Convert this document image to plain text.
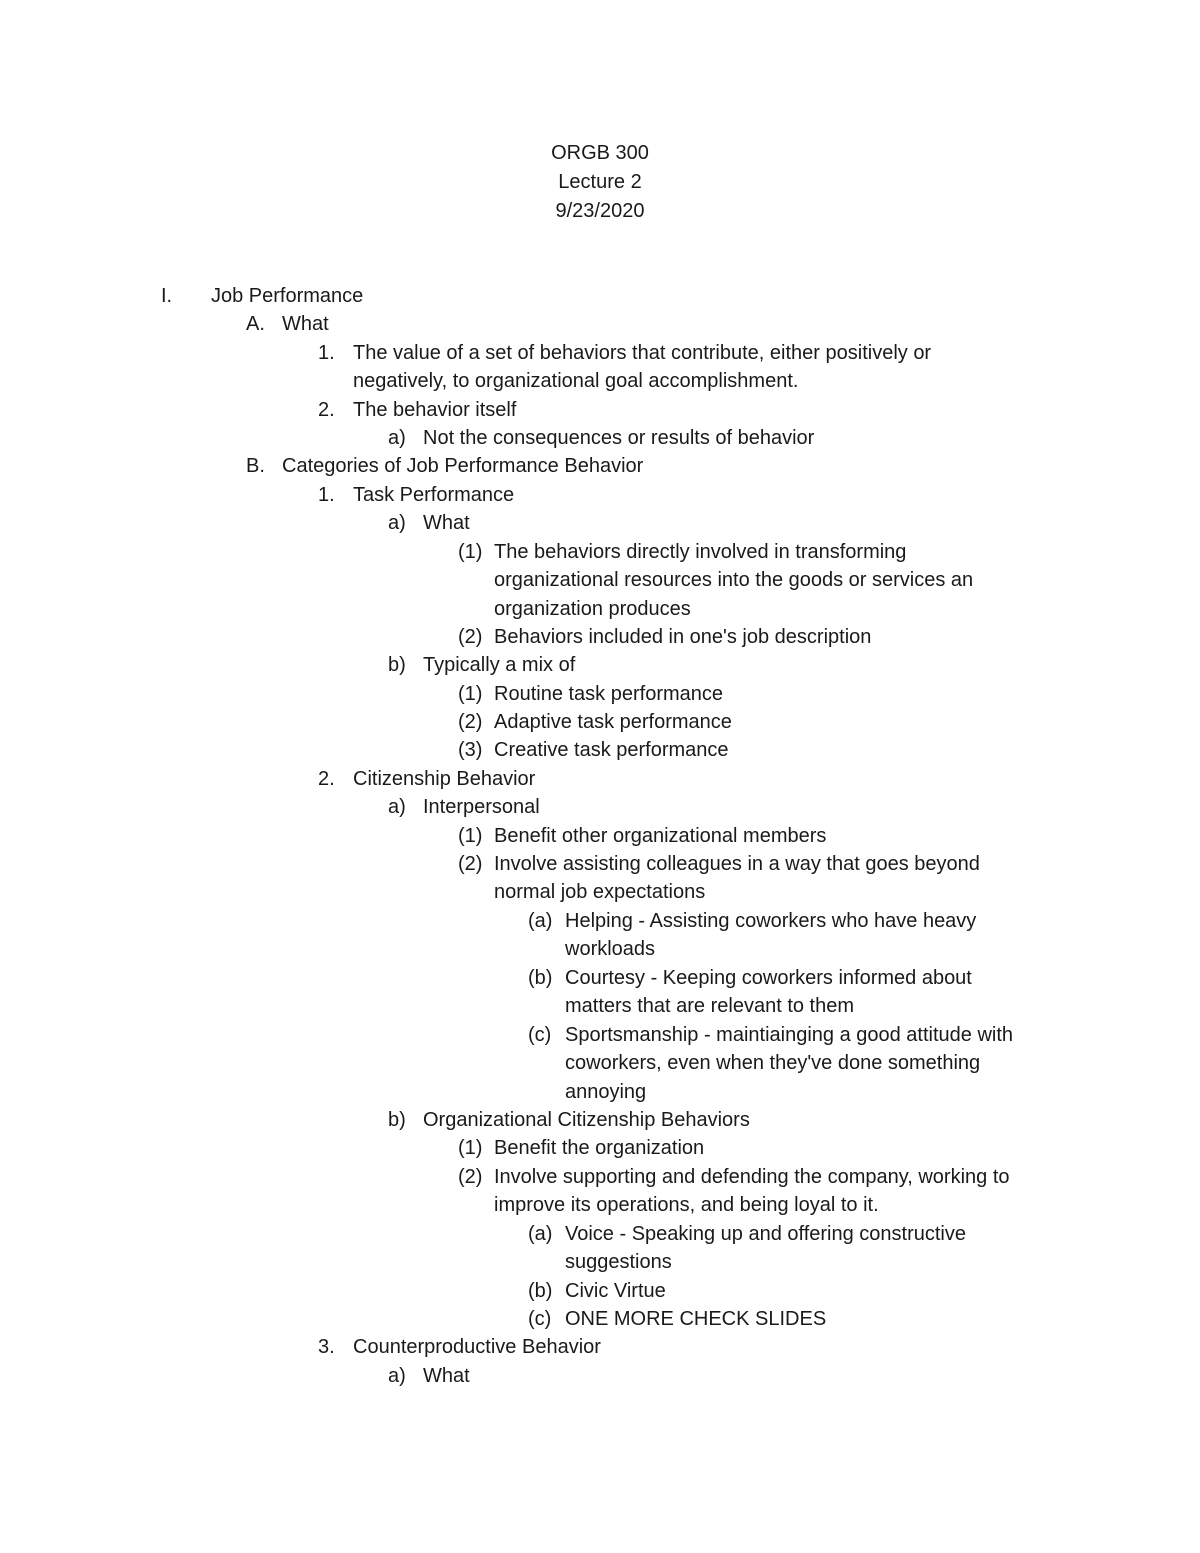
ORGB 300
Lecture 2
9/23/2020
I. Job Performance
A. What
1. The value of a set of behaviors that contribute, either positively or
negatively, to organizational goal accomplishment.
2. The behavior itself
a) Not the consequences or results of behavior
B. Categories of Job Performance Behavior
1. Task Performance
a) What
(1) The behaviors directly involved in transforming
organizational resources into the goods or services an
organization produces
(2) Behaviors included in one's job description
b) Typically a mix of
(1) Routine task performance
(2) Adaptive task performance
(3) Creative task performance
2. Citizenship Behavior
a) Interpersonal
(1) Benefit other organizational members
(2) Involve assisting colleagues in a way that goes beyond
normal job expectations
(a) Helping - Assisting coworkers who have heavy
workloads
(b) Courtesy - Keeping coworkers informed about
matters that are relevant to them
(c) Sportsmanship - maintiainging a good attitude with
coworkers, even when they've done something
annoying
b) Organizational Citizenship Behaviors
(1) Benefit the organization
(2) Involve supporting and defending the company, working to
improve its operations, and being loyal to it.
(a) Voice - Speaking up and offering constructive
suggestions
(b) Civic Virtue
(c) ONE MORE CHECK SLIDES
3. Counterproductive Behavior
a) What
